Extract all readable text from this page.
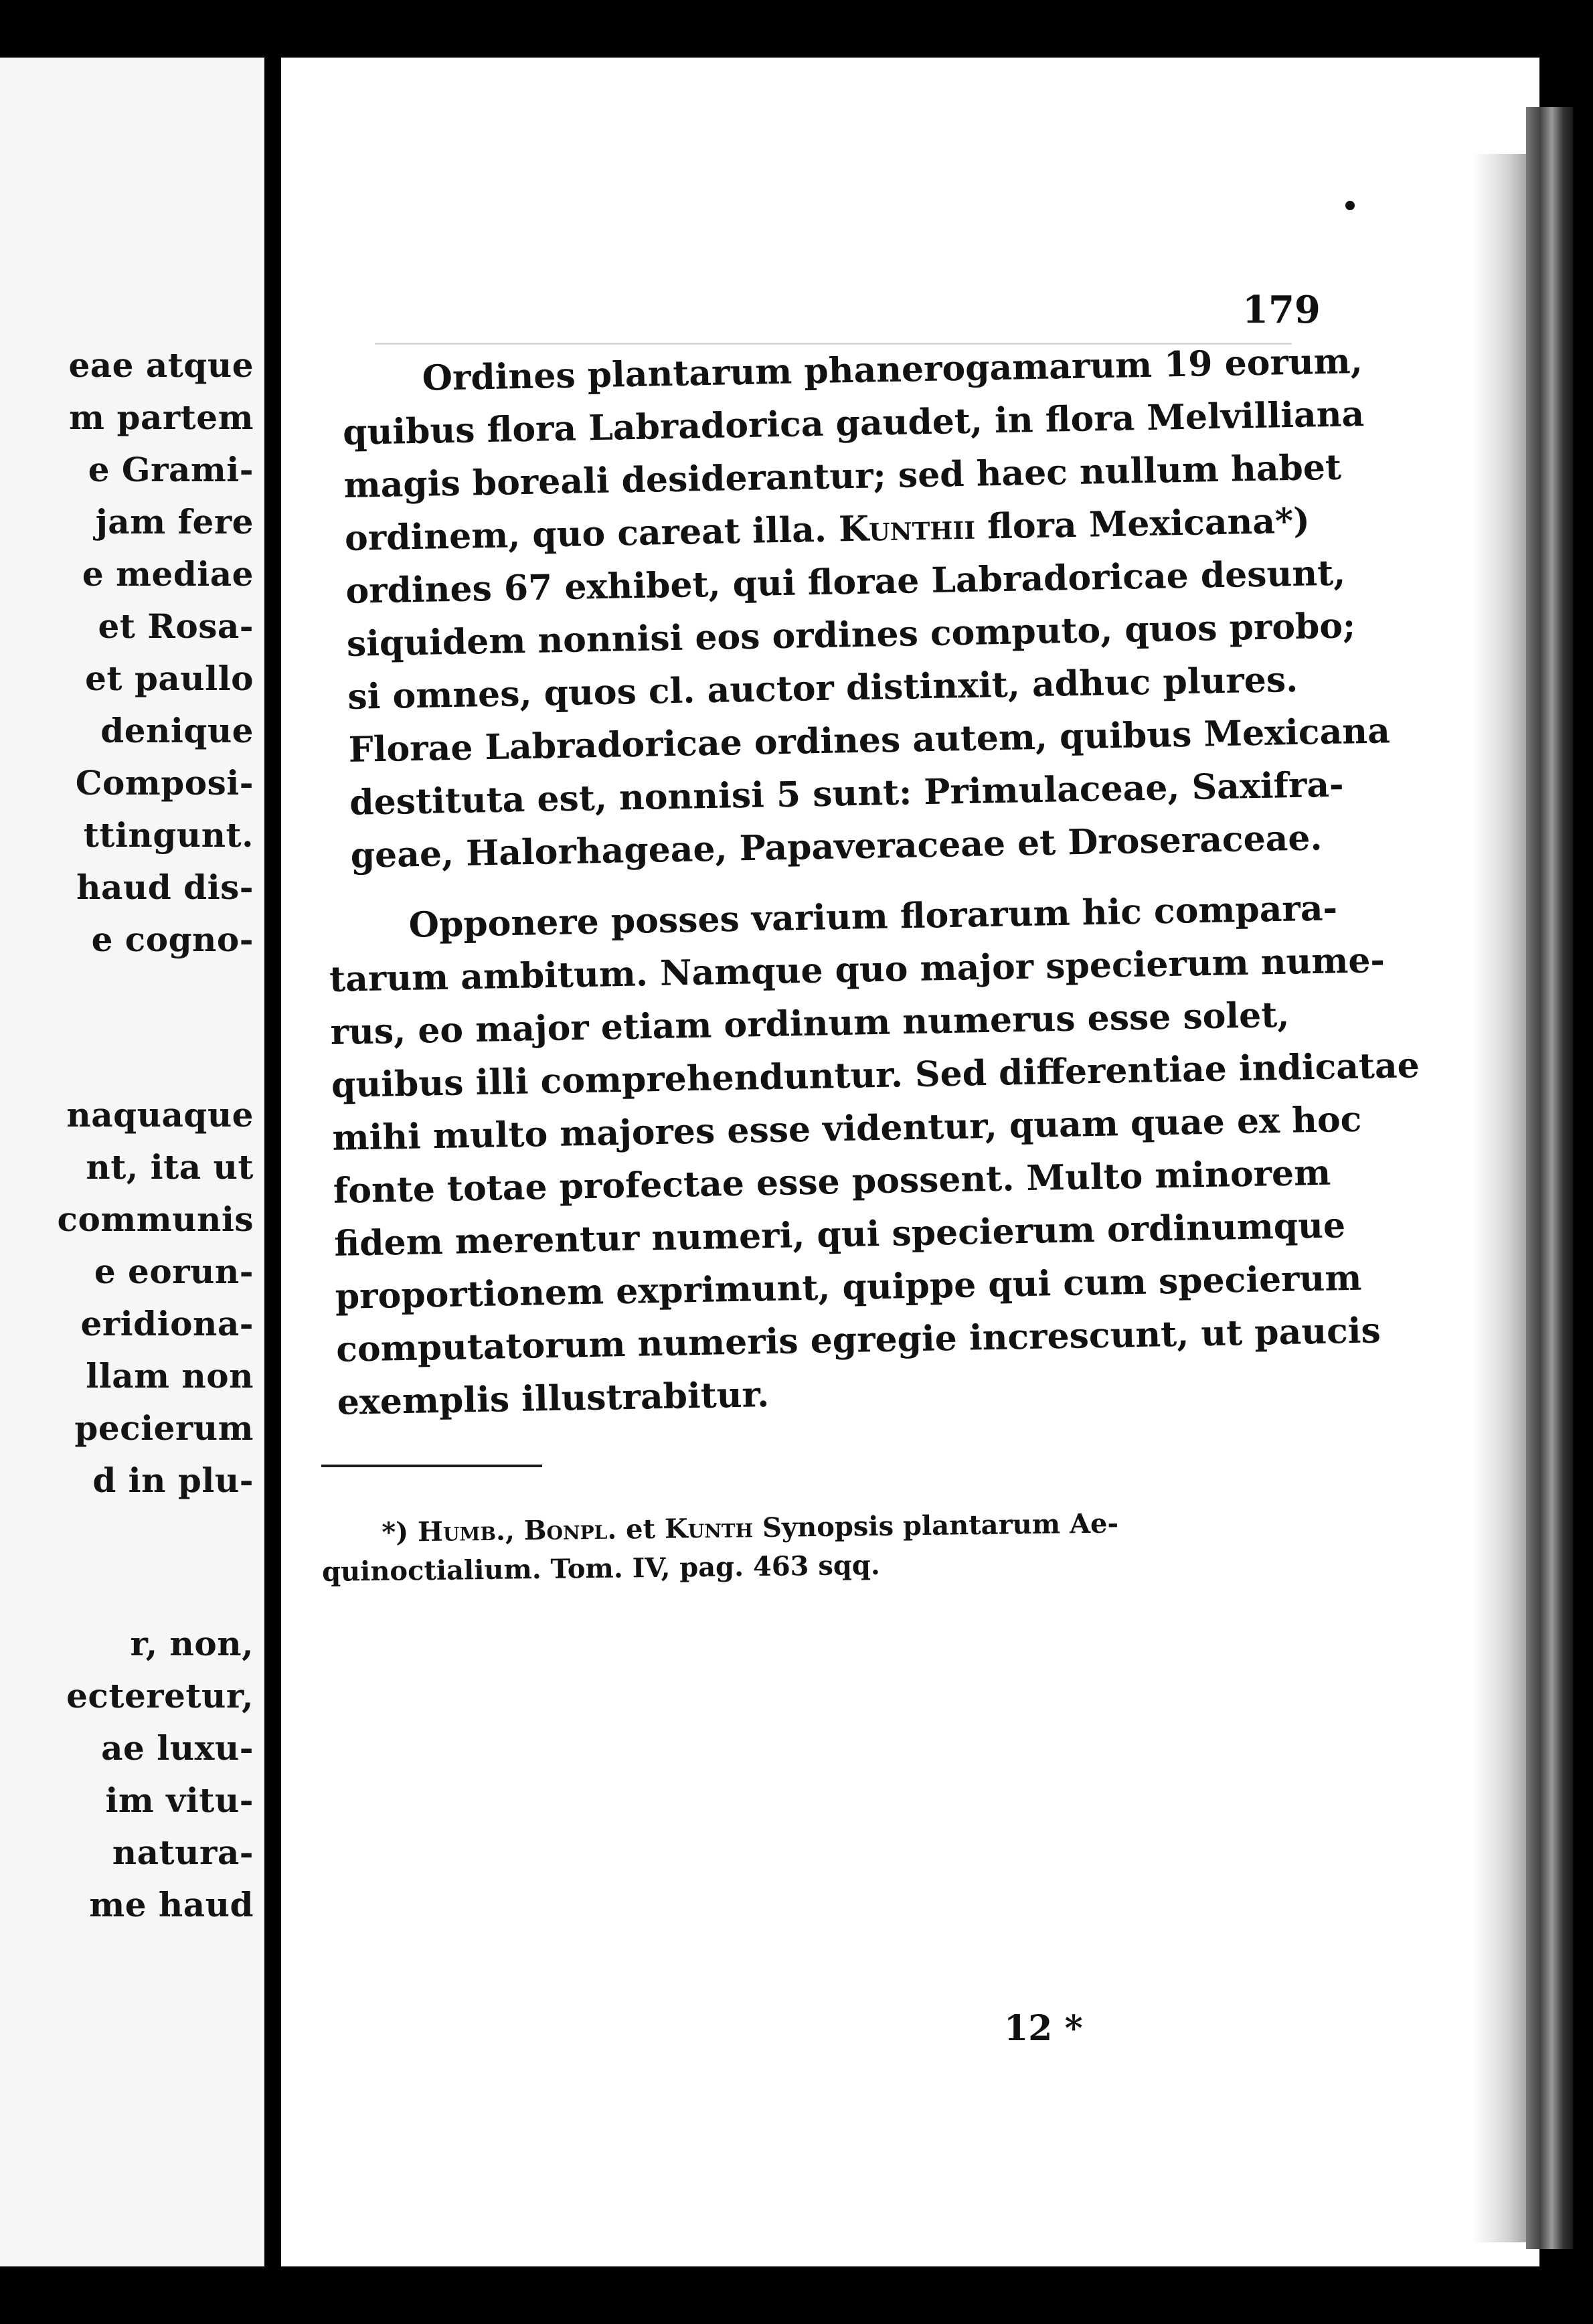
eae atque
m partem
e Grami-
jam fere
e mediae
et Rosa-
et paullo
denique
Composi-
ttingunt.
haud dis-
e cogno-
naquaque
nt, ita ut
communis
e eorun-
eridiona-
llam non
pecierum
d in plu-
r, non,
ecteretur,
ae luxu-
im vitu-
natura-
me haud
179
Ordines plantarum phanerogamarum 19 eorum,
quibus flora Labradorica gaudet, in flora Melvilliana
magis boreali desiderantur; sed haec nullum habet
ordinem, quo careat illa. Kunthii flora Mexicana*)
ordines 67 exhibet, qui florae Labradoricae desunt,
siquidem nonnisi eos ordines computo, quos probo;
si omnes, quos cl. auctor distinxit, adhuc plures.
Florae Labradoricae ordines autem, quibus Mexicana
destituta est, nonnisi 5 sunt: Primulaceae, Saxifra-
geae, Halorhageae, Papaveraceae et Droseraceae.
Opponere posses varium florarum hic compara-
tarum ambitum. Namque quo major specierum nume-
rus, eo major etiam ordinum numerus esse solet,
quibus illi comprehenduntur. Sed differentiae indicatae
mihi multo majores esse videntur, quam quae ex hoc
fonte totae profectae esse possent. Multo minorem
fidem merentur numeri, qui specierum ordinumque
proportionem exprimunt, quippe qui cum specierum
computatorum numeris egregie increscunt, ut paucis
exemplis illustrabitur.
*) Humb., Bonpl. et Kunth Synopsis plantarum Ae-
quinoctialium. Tom. IV, pag. 463 sqq.
12 *
